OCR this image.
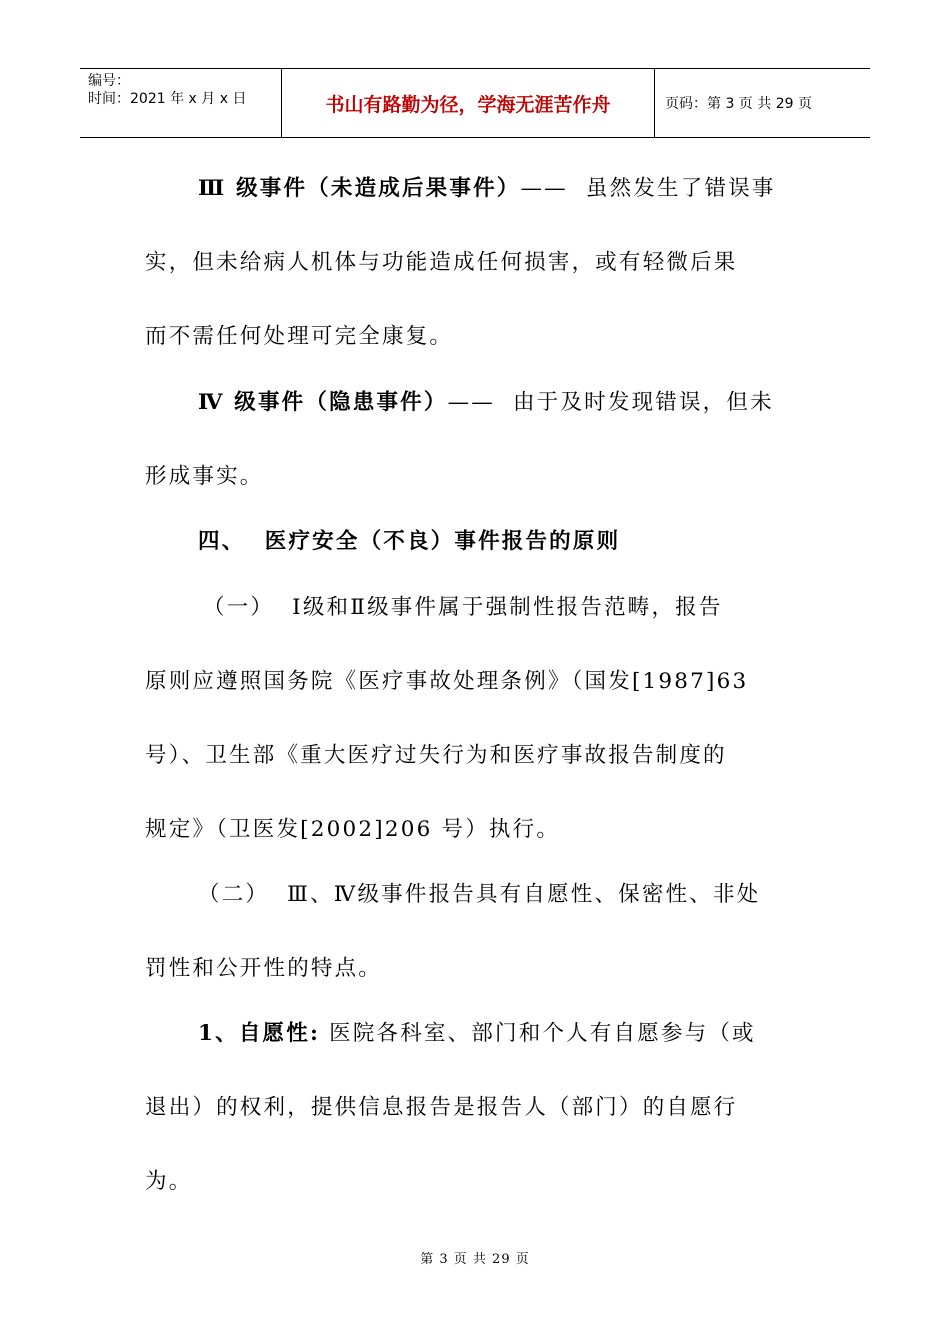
编号：
时间：2021 年 x 月 x 日	书山有路勤为径，学海无涯苦作舟	页码：第 3 页 共 29 页
Ⅲ 级事件（未造成后果事件）——  虽然发生了错误事
实，但未给病人机体与功能造成任何损害，或有轻微后果
而不需任何处理可完全康复。
Ⅳ 级事件（隐患事件）——  由于及时发现错误，但未
形成事实。
四、  医疗安全（不良）事件报告的原则
（一）  Ⅰ级和Ⅱ级事件属于强制性报告范畴，报告
原则应遵照国务院《医疗事故处理条例》（国发[1987]63
号）、卫生部《重大医疗过失行为和医疗事故报告制度的
规定》（卫医发[2002]206 号）执行。
（二）  Ⅲ、Ⅳ级事件报告具有自愿性、保密性、非处
罚性和公开性的特点。
1、自愿性: 医院各科室、部门和个人有自愿参与（或
退出）的权利，提供信息报告是报告人（部门）的自愿行
为。
第 3 页 共 29 页
